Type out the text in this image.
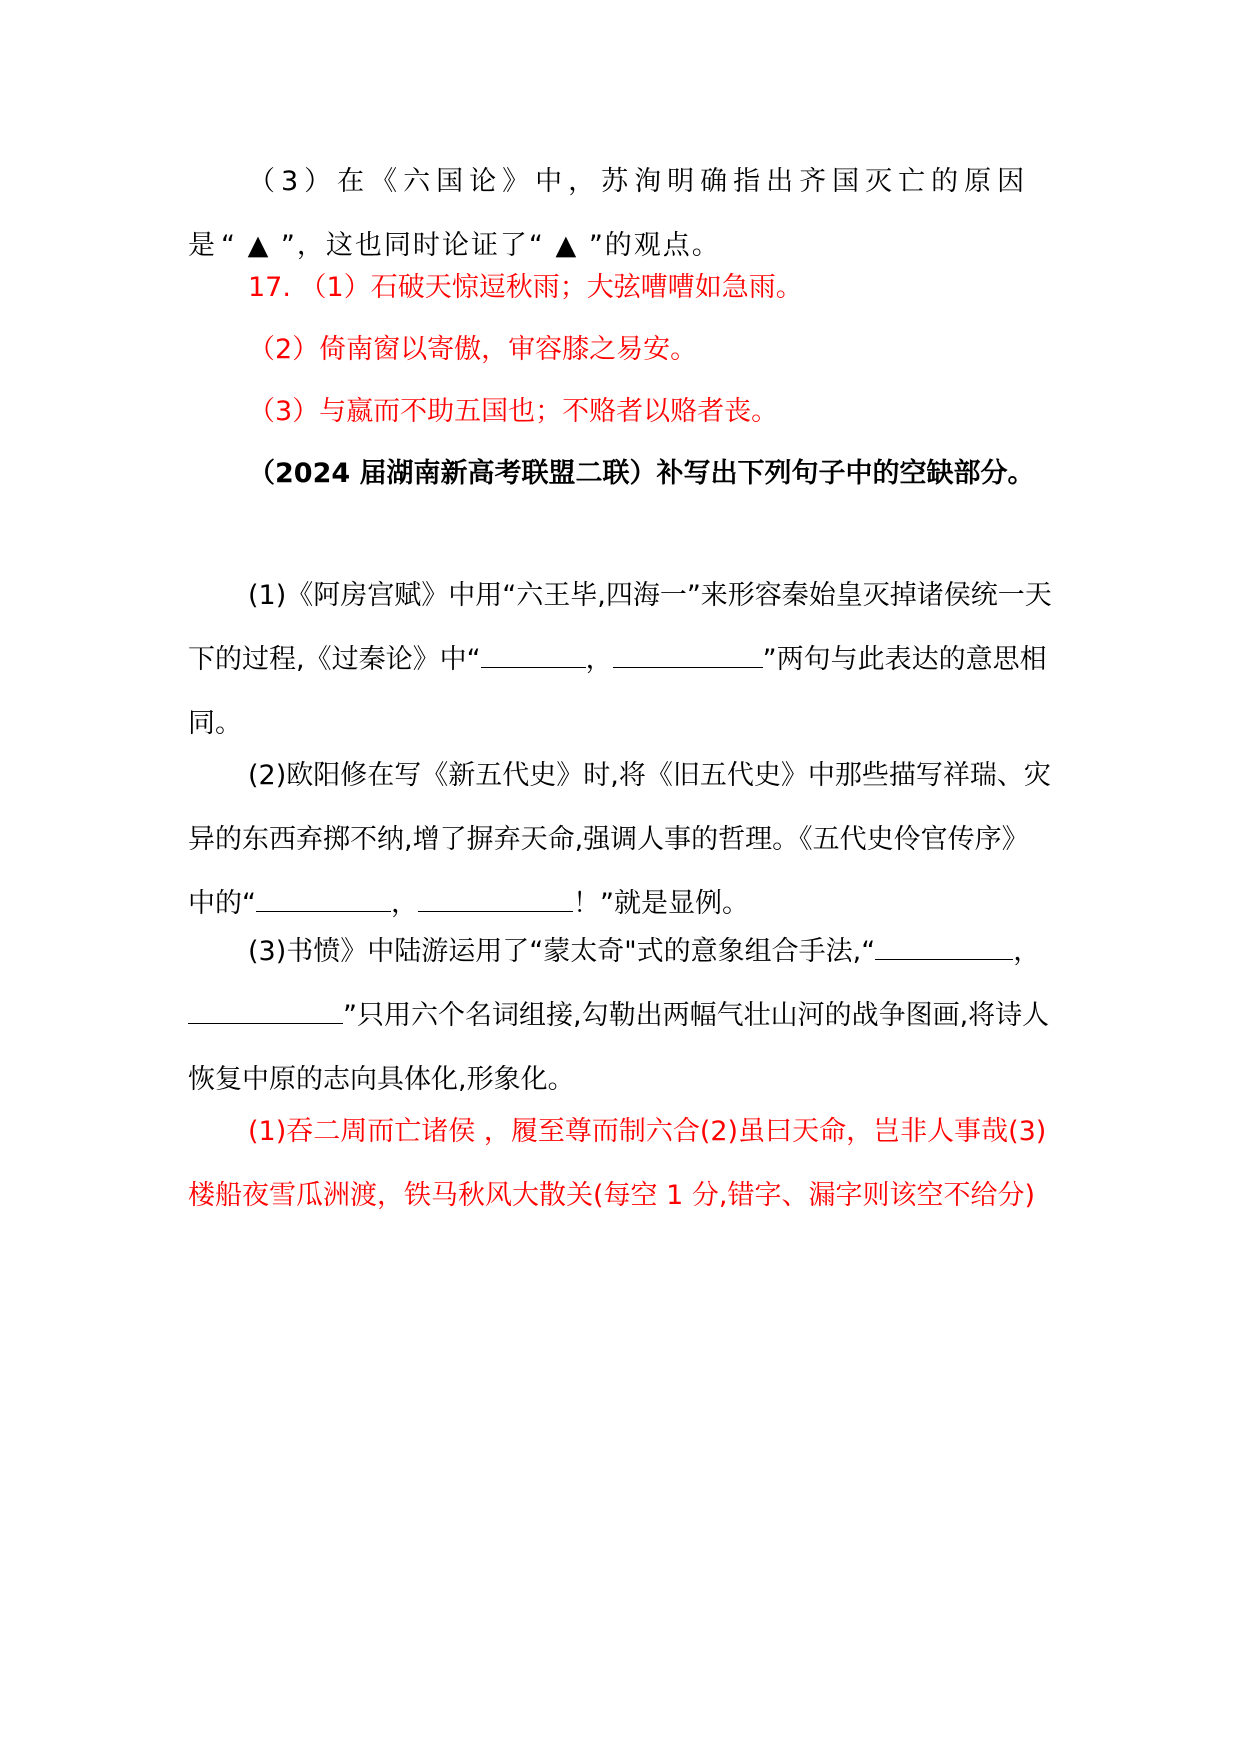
（3）在《六国论》中，苏洵明确指出齐国灭亡的原因是“ ▲ ”，这也同时论证了“ ▲ ”的观点。

17. （1）石破天惊逗秋雨；大弦嘈嘈如急雨。

（2）倚南窗以寄傲，审容膝之易安。

（3）与嬴而不助五国也；不赂者以赂者丧。

（2024 届湖南新高考联盟二联）补写出下列句子中的空缺部分。

(1)《阿房宫赋》中用“六王毕,四海一”来形容秦始皇灭掉诸侯统一天下的过程,《过秦论》中“	，	”两句与此表达的意思相同。

(2)欧阳修在写《新五代史》时,将《旧五代史》中那些描写祥瑞、灾异的东西弃掷不纳,增了摒弃天命,强调人事的哲理。《五代史伶官传序》中的“	，	！”就是显例。

(3)书愤》中陆游运用了“蒙太奇"式的意象组合手法,“	，”只用六个名词组接,勾勒出两幅气壮山河的战争图画,将诗人恢复中原的志向具体化,形象化。

(1)吞二周而亡诸侯 ，履至尊而制六合(2)虽曰天命，岂非人事哉(3)楼船夜雪瓜洲渡，铁马秋风大散关(每空 1 分,错字、漏字则该空不给分)
